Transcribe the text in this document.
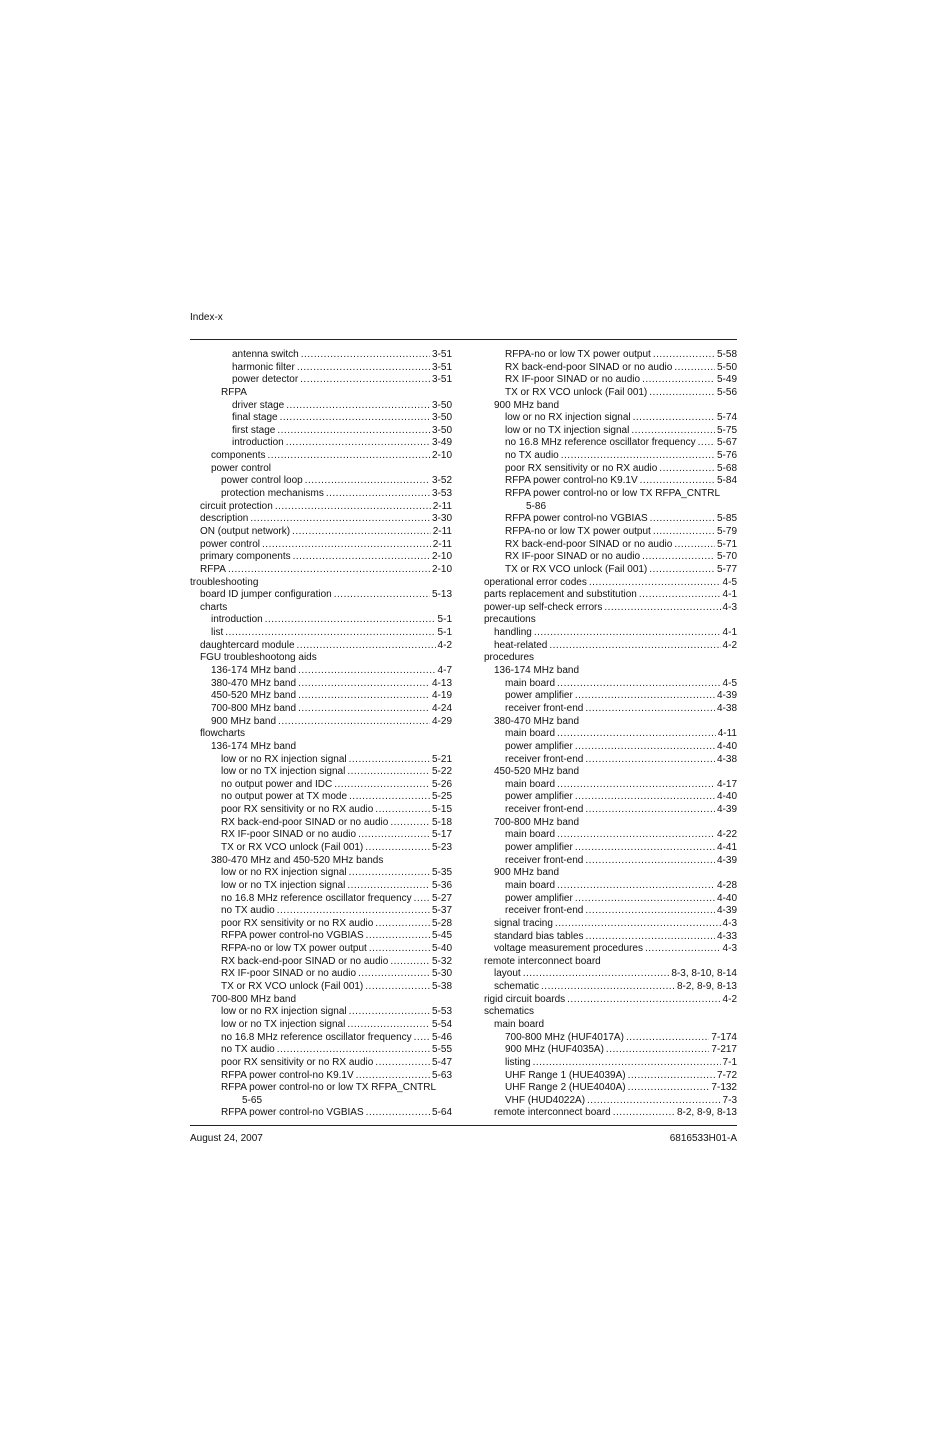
Index-x
antenna switch .....	3-51
harmonic filter .....	3-51
power detector .....	3-51
RFPA
driver stage .....	3-50
final stage .....	3-50
first stage .....	3-50
introduction .....	3-49
components .....	2-10
power control
power control loop .....	3-52
protection mechanisms .....	3-53
circuit protection .....	2-11
description .....	3-30
ON (output network) .....	2-11
power control .....	2-11
primary components .....	2-10
RFPA .....	2-10
troubleshooting
board ID jumper configuration .....	5-13
charts
introduction .....	5-1
list .....	5-1
daughtercard module .....	4-2
FGU troubleshootong aids
136-174 MHz band .....	4-7
380-470 MHz band .....	4-13
450-520 MHz band .....	4-19
700-800 MHz band .....	4-24
900 MHz band .....	4-29
flowcharts
136-174 MHz band
low or no RX injection signal .....	5-21
low or no TX injection signal .....	5-22
no output power and IDC .....	5-26
no output power at TX mode .....	5-25
poor RX sensitivity or no RX audio .....	5-15
RX back-end-poor SINAD or no audio .....	5-18
RX IF-poor SINAD or no audio .....	5-17
TX or RX VCO unlock (Fail 001) .....	5-23
380-470 MHz and 450-520 MHz bands
low or no RX injection signal .....	5-35
low or no TX injection signal .....	5-36
no 16.8 MHz reference oscillator frequency ..... 5-27
no TX audio .....	5-37
poor RX sensitivity or no RX audio .....	5-28
RFPA power control-no VGBIAS .....	5-45
RFPA-no or low TX power output .....	5-40
RX back-end-poor SINAD or no audio .....	5-32
RX IF-poor SINAD or no audio .....	5-30
TX or RX VCO unlock (Fail 001) .....	5-38
700-800 MHz band
low or no RX injection signal .....	5-53
low or no TX injection signal .....	5-54
no 16.8 MHz reference oscillator frequency ..... 5-46
no TX audio .....	5-55
poor RX sensitivity or no RX audio .....	5-47
RFPA power control-no K9.1V .....	5-63
RFPA power control-no or low TX RFPA_CNTRL
5-65
RFPA power control-no VGBIAS .....	5-64
RFPA-no or low TX power output .....	5-58
RX back-end-poor SINAD or no audio .....	5-50
RX IF-poor SINAD or no audio .....	5-49
TX or RX VCO unlock (Fail 001) .....	5-56
900 MHz band
low or no RX injection signal .....	5-74
low or no TX injection signal .....	5-75
no 16.8 MHz reference oscillator frequency ..... 5-67
no TX audio .....	5-76
poor RX sensitivity or no RX audio .....	5-68
RFPA power control-no K9.1V .....	5-84
RFPA power control-no or low TX RFPA_CNTRL
5-86
RFPA power control-no VGBIAS .....	5-85
RFPA-no or low TX power output .....	5-79
RX back-end-poor SINAD or no audio .....	5-71
RX IF-poor SINAD or no audio .....	5-70
TX or RX VCO unlock (Fail 001) .....	5-77
operational error codes .....	4-5
parts replacement and substitution .....	4-1
power-up self-check errors .....	4-3
precautions
handling .....	4-1
heat-related .....	4-2
procedures
136-174 MHz band
main board .....	4-5
power amplifier .....	4-39
receiver front-end .....	4-38
380-470 MHz band
main board .....	4-11
power amplifier .....	4-40
receiver front-end .....	4-38
450-520 MHz band
main board .....	4-17
power amplifier .....	4-40
receiver front-end .....	4-39
700-800 MHz band
main board .....	4-22
power amplifier .....	4-41
receiver front-end .....	4-39
900 MHz band
main board .....	4-28
power amplifier .....	4-40
receiver front-end .....	4-39
signal tracing .....	4-3
standard bias tables .....	4-33
voltage measurement procedures .....	4-3
remote interconnect board
layout .....	8-3, 8-10, 8-14
schematic .....	8-2, 8-9, 8-13
rigid circuit boards .....	4-2
schematics
main board
700-800 MHz (HUF4017A) .....	7-174
900 MHz (HUF4035A) .....	7-217
listing .....	7-1
UHF Range 1 (HUE4039A) .....	7-72
UHF Range 2 (HUE4040A) .....	7-132
VHF (HUD4022A) .....	7-3
remote interconnect board .....	8-2, 8-9, 8-13
August 24, 2007	6816533H01-A
